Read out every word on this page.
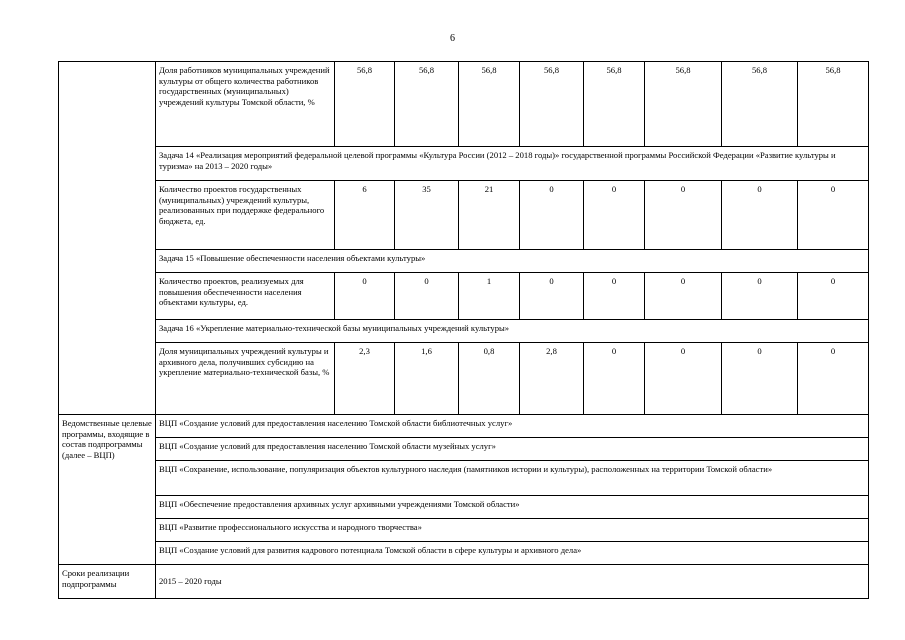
6
	Доля работников муниципальных учреждений культуры от общего количества работников государственных (муниципальных) учреждений культуры Томской области, %	56,8	56,8	56,8	56,8	56,8	56,8	56,8	56,8
	Задача 14 «Реализация мероприятий федеральной целевой программы «Культура России (2012 – 2018 годы)» государственной программы Российской Федерации «Развитие культуры и туризма» на 2013 – 2020 годы»								
	Количество проектов государственных (муниципальных) учреждений культуры, реализованных при поддержке федерального бюджета, ед.	6	35	21	0	0	0	0	0
	Задача 15 «Повышение обеспеченности населения объектами культуры»								
	Количество проектов, реализуемых для повышения обеспеченности населения объектами культуры, ед.	0	0	1	0	0	0	0	0
	Задача 16 «Укрепление материально-технической базы муниципальных учреждений культуры»								
	Доля муниципальных учреждений культуры и архивного дела, получивших субсидию на укрепление материально-технической базы, %	2,3	1,6	0,8	2,8	0	0	0	0
Ведомственные целевые программы, входящие в состав подпрограммы (далее – ВЦП)	ВЦП «Создание условий для предоставления населению Томской области библиотечных услуг»								
	ВЦП «Создание условий для предоставления населению Томской области музейных услуг»								
	ВЦП «Сохранение, использование, популяризация объектов культурного наследия (памятников истории и культуры), расположенных на территории Томской области»								
	ВЦП «Обеспечение предоставления архивных услуг архивными учреждениями Томской области»								
	ВЦП «Развитие профессионального искусства и народного творчества»								
	ВЦП «Создание условий для развития кадрового потенциала Томской области в сфере культуры и архивного дела»								
Сроки реализации подпрограммы	2015 – 2020 годы								
